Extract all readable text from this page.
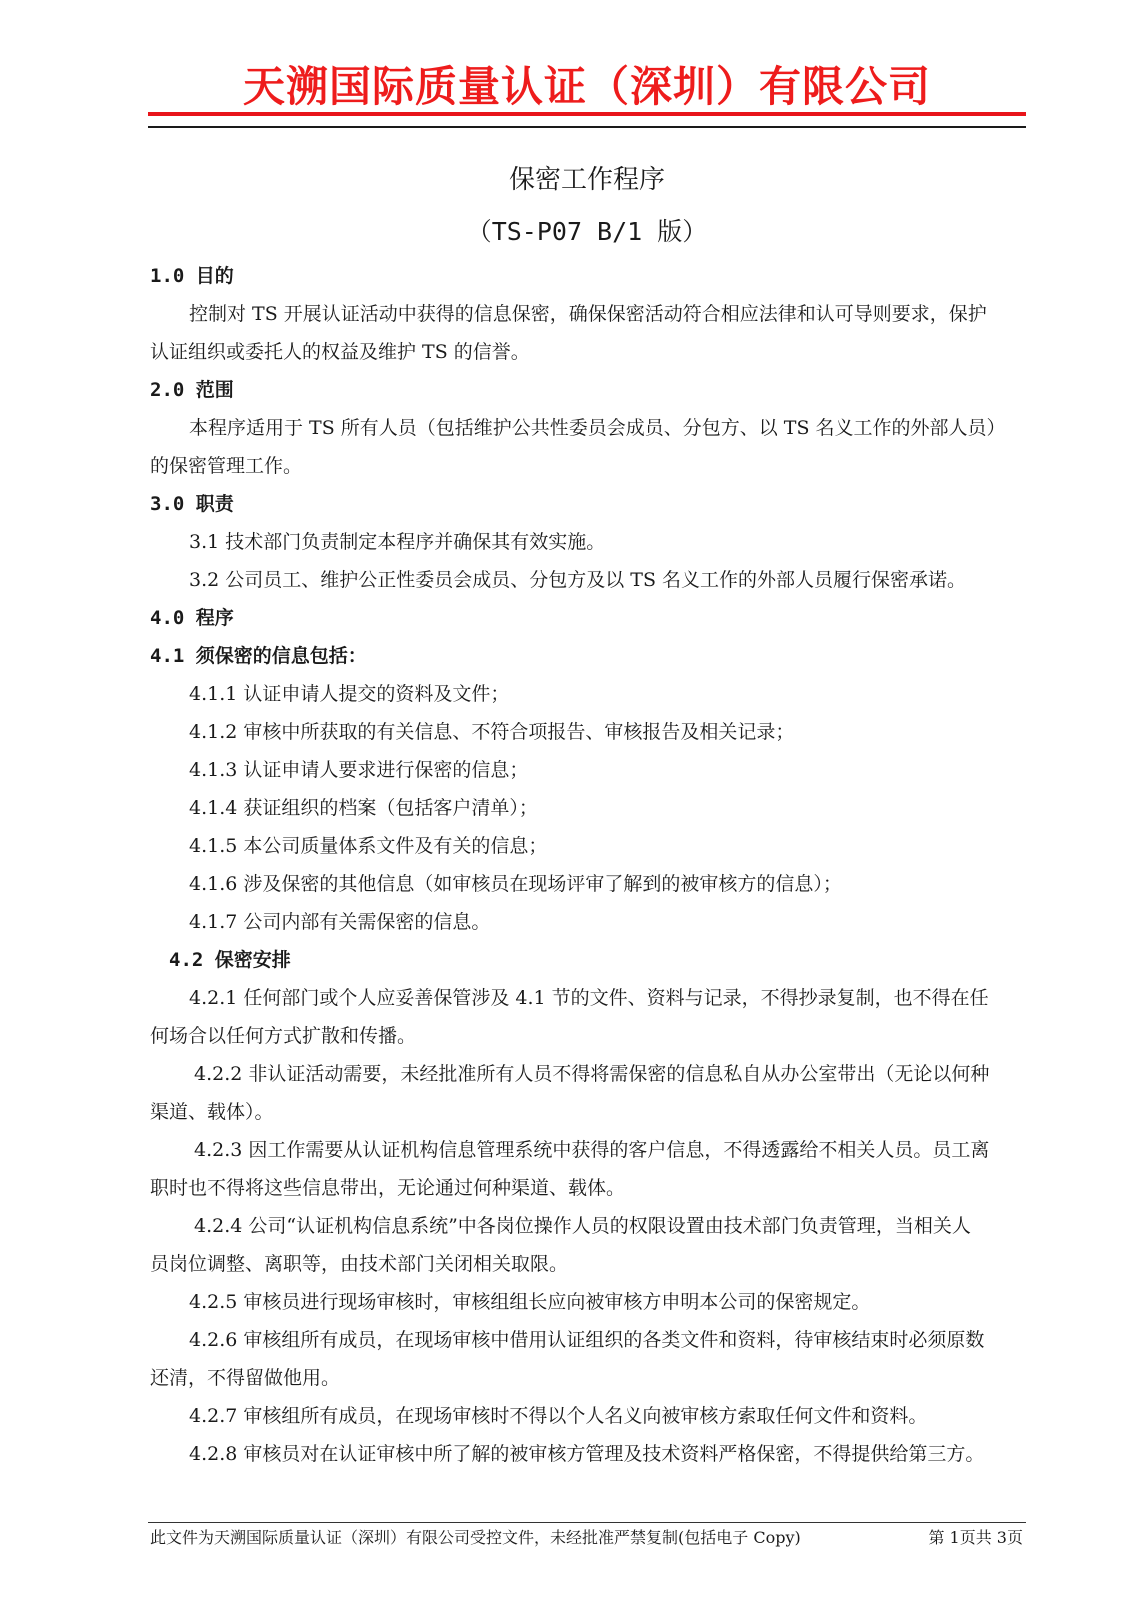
天溯国际质量认证（深圳）有限公司
保密工作程序
（TS-P07 B/1 版）
1.0 目的
控制对 TS 开展认证活动中获得的信息保密，确保保密活动符合相应法律和认可导则要求，保护
认证组织或委托人的权益及维护 TS 的信誉。
2.0 范围
本程序适用于 TS 所有人员（包括维护公共性委员会成员、分包方、以 TS 名义工作的外部人员）
的保密管理工作。
3.0 职责
3.1 技术部门负责制定本程序并确保其有效实施。
3.2 公司员工、维护公正性委员会成员、分包方及以 TS 名义工作的外部人员履行保密承诺。
4.0 程序
4.1 须保密的信息包括：
4.1.1 认证申请人提交的资料及文件；
4.1.2 审核中所获取的有关信息、不符合项报告、审核报告及相关记录；
4.1.3 认证申请人要求进行保密的信息；
4.1.4 获证组织的档案（包括客户清单）；
4.1.5 本公司质量体系文件及有关的信息；
4.1.6 涉及保密的其他信息（如审核员在现场评审了解到的被审核方的信息）；
4.1.7 公司内部有关需保密的信息。
4.2 保密安排
4.2.1 任何部门或个人应妥善保管涉及 4.1 节的文件、资料与记录，不得抄录复制，也不得在任
何场合以任何方式扩散和传播。
4.2.2 非认证活动需要，未经批准所有人员不得将需保密的信息私自从办公室带出（无论以何种
渠道、载体）。
4.2.3 因工作需要从认证机构信息管理系统中获得的客户信息，不得透露给不相关人员。员工离
职时也不得将这些信息带出，无论通过何种渠道、载体。
4.2.4 公司“认证机构信息系统”中各岗位操作人员的权限设置由技术部门负责管理，当相关人
员岗位调整、离职等，由技术部门关闭相关取限。
4.2.5 审核员进行现场审核时，审核组组长应向被审核方申明本公司的保密规定。
4.2.6 审核组所有成员，在现场审核中借用认证组织的各类文件和资料，待审核结束时必须原数
还清，不得留做他用。
4.2.7 审核组所有成员，在现场审核时不得以个人名义向被审核方索取任何文件和资料。
4.2.8 审核员对在认证审核中所了解的被审核方管理及技术资料严格保密，不得提供给第三方。
此文件为天溯国际质量认证（深圳）有限公司受控文件，未经批准严禁复制(包括电子 Copy)	第 1页共 3页
